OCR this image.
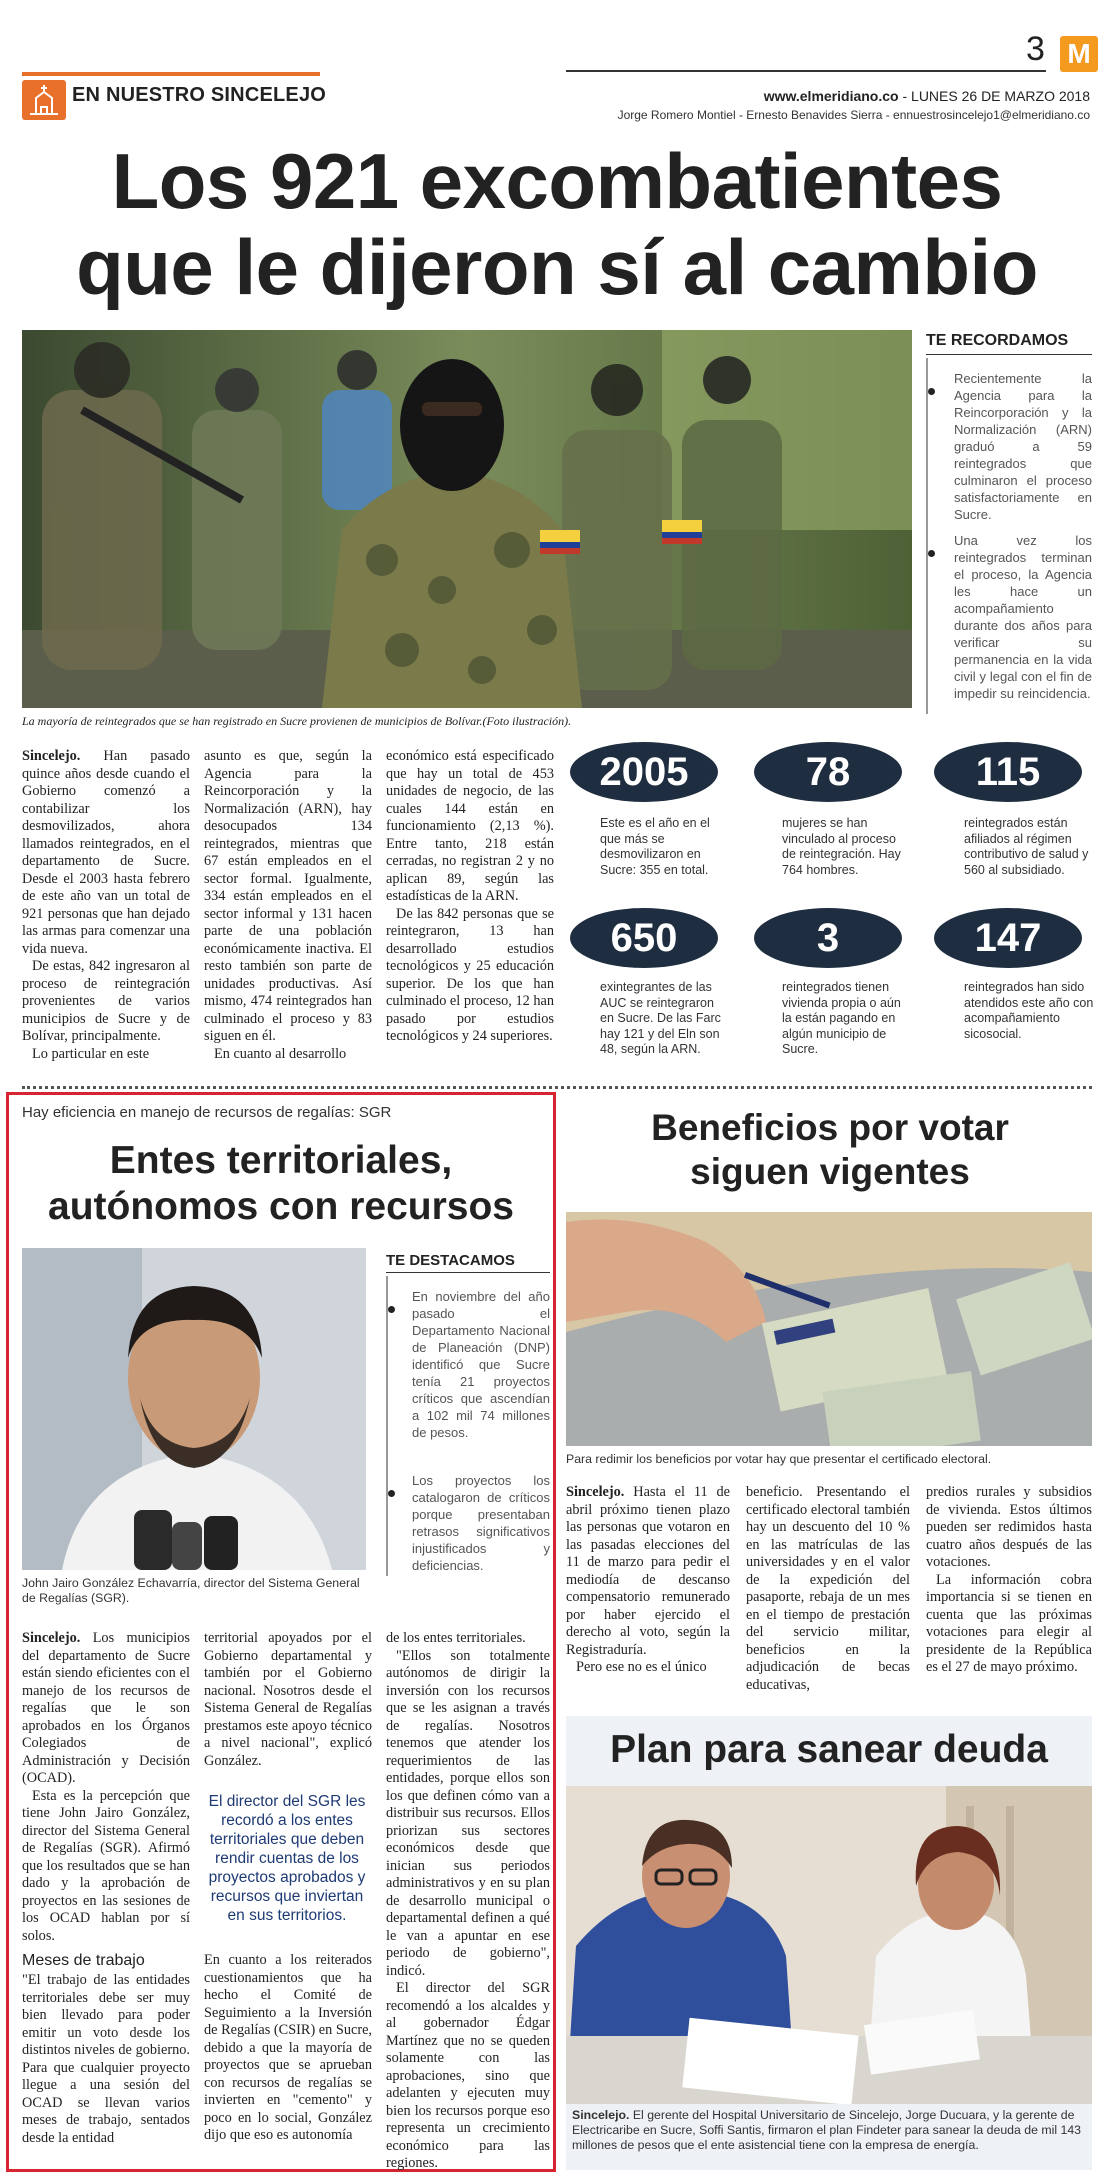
EN NUESTRO SINCELEJO
3 M
www.elmeridiano.co - LUNES 26 DE MARZO 2018
Jorge Romero Montiel - Ernesto Benavides Sierra - ennuestrosincelejo1@elmeridiano.co
Los 921 excombatientes
que le dijeron sí al cambio
La mayoría de reintegrados que se han registrado en Sucre provienen de municipios de Bolívar.(Foto ilustración).
TE RECORDAMOS
Recientemente la Agencia para la Reincorporación y la Normalización (ARN) graduó a 59 reintegrados que culminaron el proceso satisfactoriamente en Sucre.
Una vez los reintegrados terminan el proceso, la Agencia les hace un acompañamiento durante dos años para verificar su permanencia en la vida civil y legal con el fin de impedir su reincidencia.

Sincelejo. Han pasado quince años desde cuando el Gobierno comenzó a contabilizar los desmovilizados, ahora llamados reintegrados, en el departamento de Sucre. Desde el 2003 hasta febrero de este año van un total de 921 personas que han dejado las armas para comenzar una vida nueva.

De estas, 842 ingresaron al proceso de reintegración provenientes de varios municipios de Sucre y de Bolívar, principalmente.

Lo particular en este

asunto es que, según la Agencia para la Reincorporación y la Normalización (ARN), hay desocupados 134 reintegrados, mientras que 67 están empleados en el sector formal. Igualmente, 334 están empleados en el sector informal y 131 hacen parte de una población económicamente inactiva. El resto también son parte de unidades productivas. Así mismo, 474 reintegrados han culminado el proceso y 83 siguen en él.

En cuanto al desarrollo

económico está especificado que hay un total de 453 unidades de negocio, de las cuales 144 están en funcionamiento (2,13 %). Entre tanto, 218 están cerradas, no registran 2 y no aplican 89, según las estadísticas de la ARN.

De las 842 personas que se reintegraron, 13 han desarrollado estudios tecnológicos y 25 educación superior. De los que han culminado el proceso, 12 han pasado por estudios tecnológicos y 24 superiores.

2005
Este es el año en el que más se desmovilizaron en Sucre: 355 en total.
78
mujeres se han vinculado al proceso de reintegración. Hay 764 hombres.
115
reintegrados están afiliados al régimen contributivo de salud y 560 al subsidiado.
650
exintegrantes de las AUC se reintegraron en Sucre. De las Farc hay 121 y del Eln son 48, según la ARN.
3
reintegrados tienen vivienda propia o aún la están pagando en algún municipio de Sucre.
147
reintegrados han sido atendidos este año con acompañamiento sicosocial.
Hay eficiencia en manejo de recursos de regalías: SGR
Entes territoriales,
autónomos con recursos
John Jairo González Echavarría, director del Sistema General de Regalías (SGR).
TE DESTACAMOS
En noviembre del año pasado el Departamento Nacional de Planeación (DNP) identificó que Sucre tenía 21 proyectos críticos que ascendían a 102 mil 74 millones de pesos.
Los proyectos los catalogaron de críticos porque presentaban retrasos significativos injustificados y deficiencias.

Sincelejo. Los municipios del departamento de Sucre están siendo eficientes con el manejo de los recursos de regalías que le son aprobados en los Órganos Colegiados de Administración y Decisión (OCAD).

Esta es la percepción que tiene John Jairo González, director del Sistema General de Regalías (SGR). Afirmó que los resultados que se han dado y la aprobación de proyectos en las sesiones de los OCAD hablan por sí solos.

Meses de trabajo

"El trabajo de las entidades territoriales debe ser muy bien llevado para poder emitir un voto desde los distintos niveles de gobierno. Para que cualquier proyecto llegue a una sesión del OCAD se llevan varios meses de trabajo, sentados desde la entidad

territorial apoyados por el Gobierno departamental y también por el Gobierno nacional. Nosotros desde el Sistema General de Regalías prestamos este apoyo técnico a nivel nacional", explicó González.

El director del SGR les recordó a los entes territoriales que deben rendir cuentas de los proyectos aprobados y recursos que inviertan en sus territorios.

En cuanto a los reiterados cuestionamientos que ha hecho el Comité de Seguimiento a la Inversión de Regalías (CSIR) en Sucre, debido a que la mayoría de proyectos que se aprueban con recursos de regalías se invierten en "cemento" y poco en lo social, González dijo que eso es autonomía

de los entes territoriales.

"Ellos son totalmente autónomos de dirigir la inversión con los recursos que se les asignan a través de regalías. Nosotros tenemos que atender los requerimientos de las entidades, porque ellos son los que definen cómo van a distribuir sus recursos. Ellos priorizan sus sectores económicos desde que inician sus periodos administrativos y en su plan de desarrollo municipal o departamental definen a qué le van a apuntar en ese periodo de gobierno", indicó.

El director del SGR recomendó a los alcaldes y al gobernador Édgar Martínez que no se queden solamente con las aprobaciones, sino que adelanten y ejecuten muy bien los recursos porque eso representa un crecimiento económico para las regiones.

Beneficios por votar
siguen vigentes
Para redimir los beneficios por votar hay que presentar el certificado electoral.

Sincelejo. Hasta el 11 de abril próximo tienen plazo las personas que votaron en las pasadas elecciones del 11 de marzo para pedir el mediodía de descanso compensatorio remunerado por haber ejercido el derecho al voto, según la Registraduría.

Pero ese no es el único

beneficio. Presentando el certificado electoral también hay un descuento del 10 % en las matrículas de las universidades y en el valor de la expedición del pasaporte, rebaja de un mes en el tiempo de prestación del servicio militar, beneficios en la adjudicación de becas educativas,

predios rurales y subsidios de vivienda. Estos últimos pueden ser redimidos hasta cuatro años después de las votaciones.

La información cobra importancia si se tienen en cuenta que las próximas votaciones para elegir al presidente de la República es el 27 de mayo próximo.

Plan para sanear deuda
Sincelejo. El gerente del Hospital Universitario de Sincelejo, Jorge Ducuara, y la gerente de Electricaribe en Sucre, Soffi Santis, firmaron el plan Findeter para sanear la deuda de mil 143 millones de pesos que el ente asistencial tiene con la empresa de energía.
